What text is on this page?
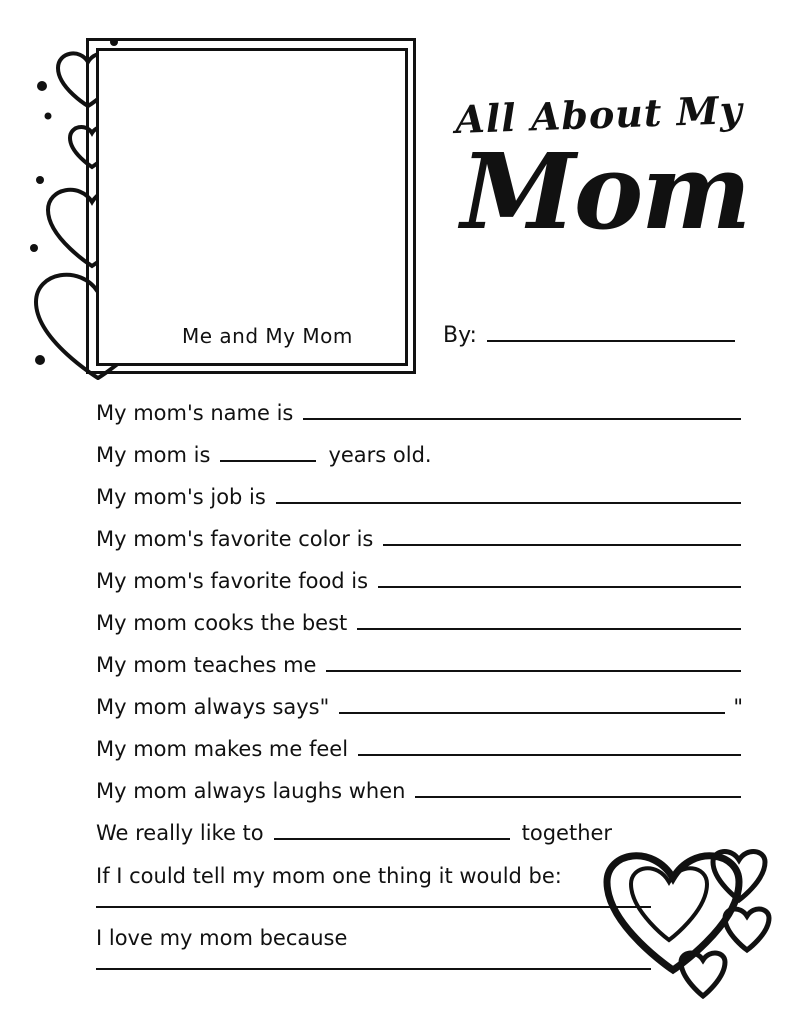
Me and My Mom
All About My
Mom
By:
My mom's name is
My mom is	years old.
My mom's job is
My mom's favorite color is
My mom's favorite food is
My mom cooks the best
My mom teaches me
My mom always says"	"
My mom makes me feel
My mom always laughs when
We really like to	together
If I could tell my mom one thing it would be:
I love my mom because
